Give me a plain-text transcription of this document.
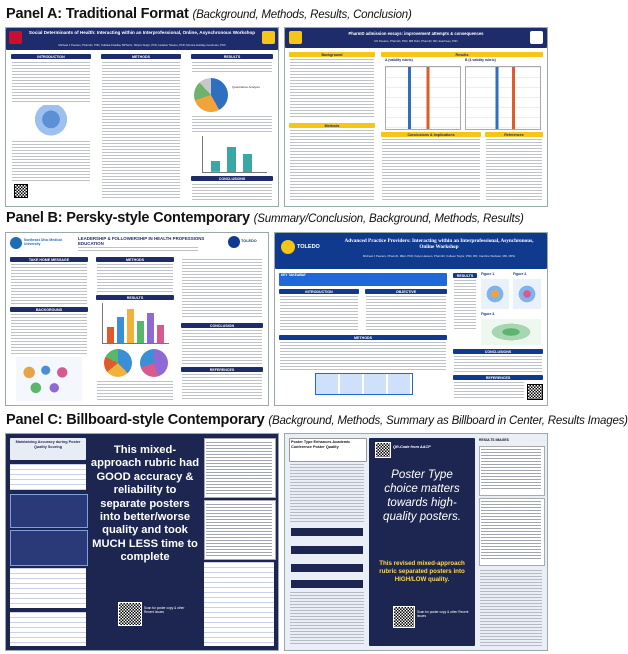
Panel A: Traditional Format (Background, Methods, Results, Conclusion)
Social Determinants of Health: Interacting within an Interprofessional, Online, Asynchronous Workshop
Michael J Peeters, PharmD, PhD; Sufalsa Khadka, BPharm; Shipra Singh, PhD; Heather Sloane, PhD; Monica Holiday-Goodman, PhD
INTRODUCTION	METHODS	RESULTS
Quantitative Analysis
CONCLUSIONS
PharmD admission essays: improvement attempts & consequences
MJ Peeters, PharmD, PhD; MB Ruhl, PharmD; MD Jeanfreau, PhD
Background
Methods
Results
A (validity rubric)	B (3 validity rubric)
Conclusions & Implications	References
Panel B: Persky-style Contemporary (Summary/Conclusion, Background, Methods, Results)
Northeast Ohio Medical University
LEADERSHIP & FOLLOWERSHIP IN HEALTH PROFESSIONS EDUCATION
TOLEDO
TAKE HOME MESSAGE
BACKGROUND
METHODS
RESULTS
CONCLUSION
REFERENCES
TOLEDO
Advanced Practice Providers: Interacting within an Interprofessional, Asynchronous, Online Workshop
Michael J Peeters, PharmD, MEd, PhD; Kaiyu Hasson, PharmD; Colleen Taylor, PhD, RN; Caroline Webster, MD, MPH
KEY TAKEAWAY
INTRODUCTION	OBJECTIVE
METHODS
RESULTS	Figure 1.	Figure 2.
Figure 3.
CONCLUSIONS
REFERENCES
Panel C: Billboard-style Contemporary (Background, Methods, Summary as Billboard in Center, Results Images)
Maintaining Accuracy during Poster Quality Scoring	This mixed-approach rubric had GOOD accuracy & reliability to separate posters into better/worse quality and took MUCH LESS time to complete
Scan for poster copy & other Recent issues
Poster Type Enhances Academic Conference Poster Quality	QR-Code from AACP
Poster Type choice matters towards high-quality posters.
This revised mixed-approach rubric separated posters into HIGH/LOW quality.
Scan for poster copy & other Recent issues
RESULTS IMAGES
